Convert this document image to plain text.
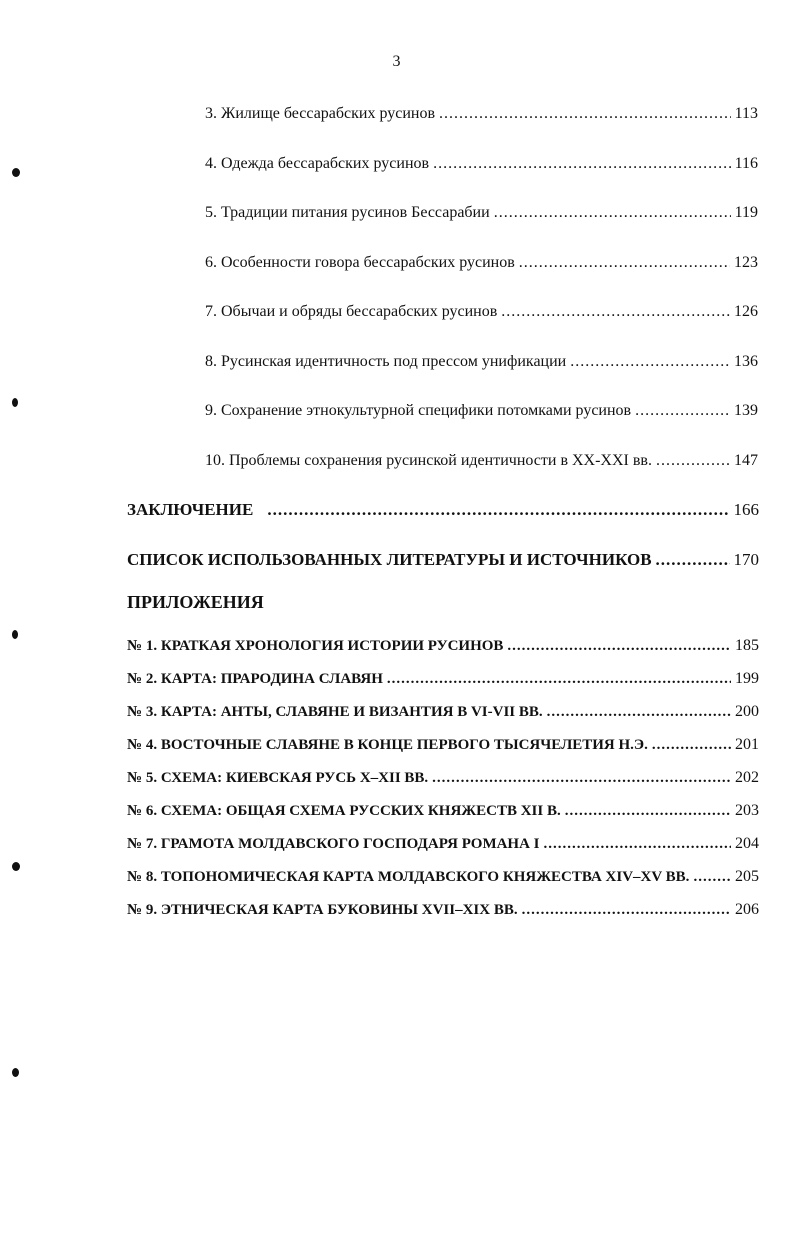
3
3. Жилище бессарабских русинов .....	113
4. Одежда бессарабских русинов .....	116
5. Традиции питания русинов Бессарабии .....	119
6. Особенности говора бессарабских русинов .....	123
7. Обычаи и обряды бессарабских русинов .....	126
8. Русинская идентичность под прессом унификации .....	136
9. Сохранение этнокультурной специфики потомками русинов .....	139
10. Проблемы сохранения русинской идентичности в XX-XXI вв. .....	147
ЗАКЛЮЧЕНИЕ .....	166
СПИСОК ИСПОЛЬЗОВАННЫХ ЛИТЕРАТУРЫ И ИСТОЧНИКОВ .....	170
ПРИЛОЖЕНИЯ
№ 1. КРАТКАЯ ХРОНОЛОГИЯ ИСТОРИИ РУСИНОВ .....	185
№ 2. КАРТА: ПРАРОДИНА СЛАВЯН .....	199
№ 3. КАРТА: АНТЫ, СЛАВЯНЕ И ВИЗАНТИЯ В VI-VII ВВ. .....	200
№ 4. ВОСТОЧНЫЕ СЛАВЯНЕ В КОНЦЕ ПЕРВОГО ТЫСЯЧЕЛЕТИЯ Н.Э. .....	201
№ 5. СХЕМА: КИЕВСКАЯ РУСЬ X–XII ВВ. .....	202
№ 6. СХЕМА: ОБЩАЯ СХЕМА РУССКИХ КНЯЖЕСТВ XII В. .....	203
№ 7. ГРАМОТА МОЛДАВСКОГО ГОСПОДАРЯ РОМАНА I .....	204
№ 8. ТОПОНОМИЧЕСКАЯ КАРТА МОЛДАВСКОГО КНЯЖЕСТВА XIV–XV ВВ. .....	205
№ 9. ЭТНИЧЕСКАЯ КАРТА БУКОВИНЫ XVII–XIX ВВ. .....	206
